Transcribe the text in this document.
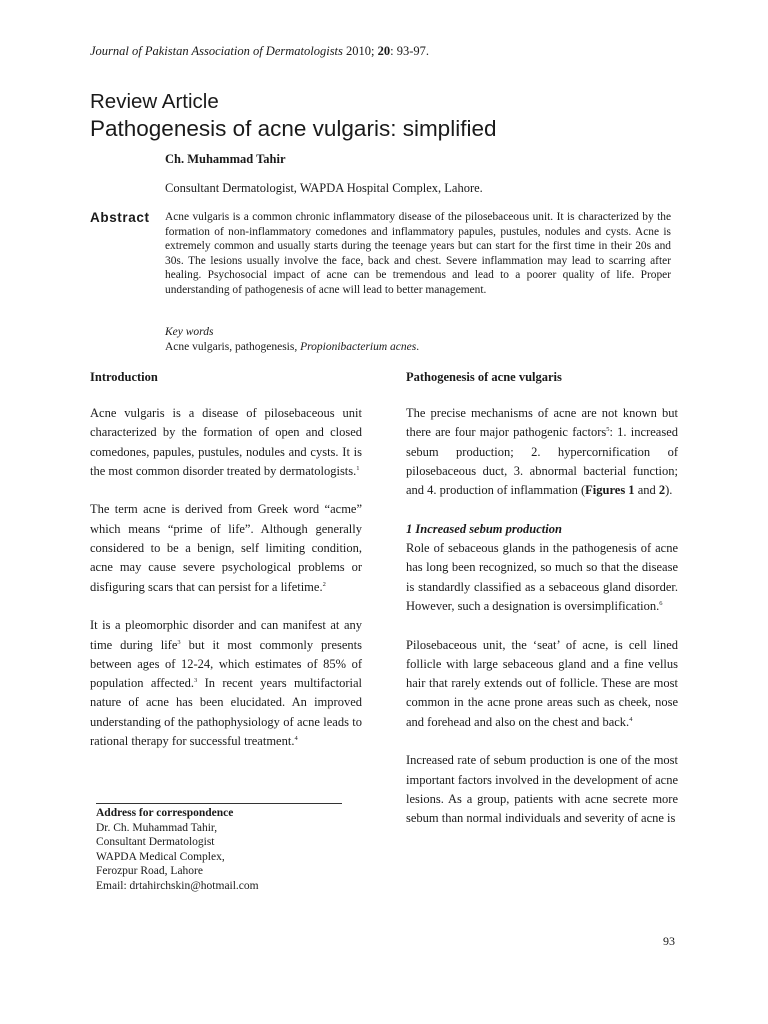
Journal of Pakistan Association of Dermatologists 2010; 20: 93-97.
Review Article
Pathogenesis of acne vulgaris: simplified
Ch. Muhammad Tahir
Consultant Dermatologist, WAPDA Hospital Complex, Lahore.
Abstract Acne vulgaris is a common chronic inflammatory disease of the pilosebaceous unit. It is characterized by the formation of non-inflammatory comedones and inflammatory papules, pustules, nodules and cysts. Acne is extremely common and usually starts during the teenage years but can start for the first time in their 20s and 30s. The lesions usually involve the face, back and chest. Severe inflammation may lead to scarring after healing. Psychosocial impact of acne can be tremendous and lead to a poorer quality of life. Proper understanding of pathogenesis of acne will lead to better management.
Key words
Acne vulgaris, pathogenesis, Propionibacterium acnes.

Introduction

Acne vulgaris is a disease of pilosebaceous unit characterized by the formation of open and closed comedones, papules, pustules, nodules and cysts. It is the most common disorder treated by dermatologists.$^1$

The term acne is derived from Greek word “acme” which means “prime of life”. Although generally considered to be a benign, self limiting condition, acne may cause severe psychological problems or disfiguring scars that can persist for a lifetime.$^2$

It is a pleomorphic disorder and can manifest at any time during life$^3$ but it most commonly presents between ages of 12-24, which estimates of 85% of population affected.$^3$ In recent years multifactorial nature of acne has been elucidated. An improved understanding of the pathophysiology of acne leads to rational therapy for successful treatment.$^4$

Address for correspondence
Dr. Ch. Muhammad Tahir,
Consultant Dermatologist
WAPDA Medical Complex,
Ferozpur Road, Lahore
Email: drtahirchskin@hotmail.com

Pathogenesis of acne vulgaris

The precise mechanisms of acne are not known but there are four major pathogenic factors$^5$: 1. increased sebum production; 2. hypercornification of pilosebaceous duct, 3. abnormal bacterial function; and 4. production of inflammation (Figures 1 and 2).

1 Increased sebum production

Role of sebaceous glands in the pathogenesis of acne has long been recognized, so much so that the disease is standardly classified as a sebaceous gland disorder. However, such a designation is oversimplification.$^6$

Pilosebaceous unit, the ‘seat’ of acne, is cell lined follicle with large sebaceous gland and a fine vellus hair that rarely extends out of follicle. These are most common in the acne prone areas such as cheek, nose and forehead and also on the chest and back.$^4$

Increased rate of sebum production is one of the most important factors involved in the development of acne lesions. As a group, patients with acne secrete more sebum than normal individuals and severity of acne is

93
